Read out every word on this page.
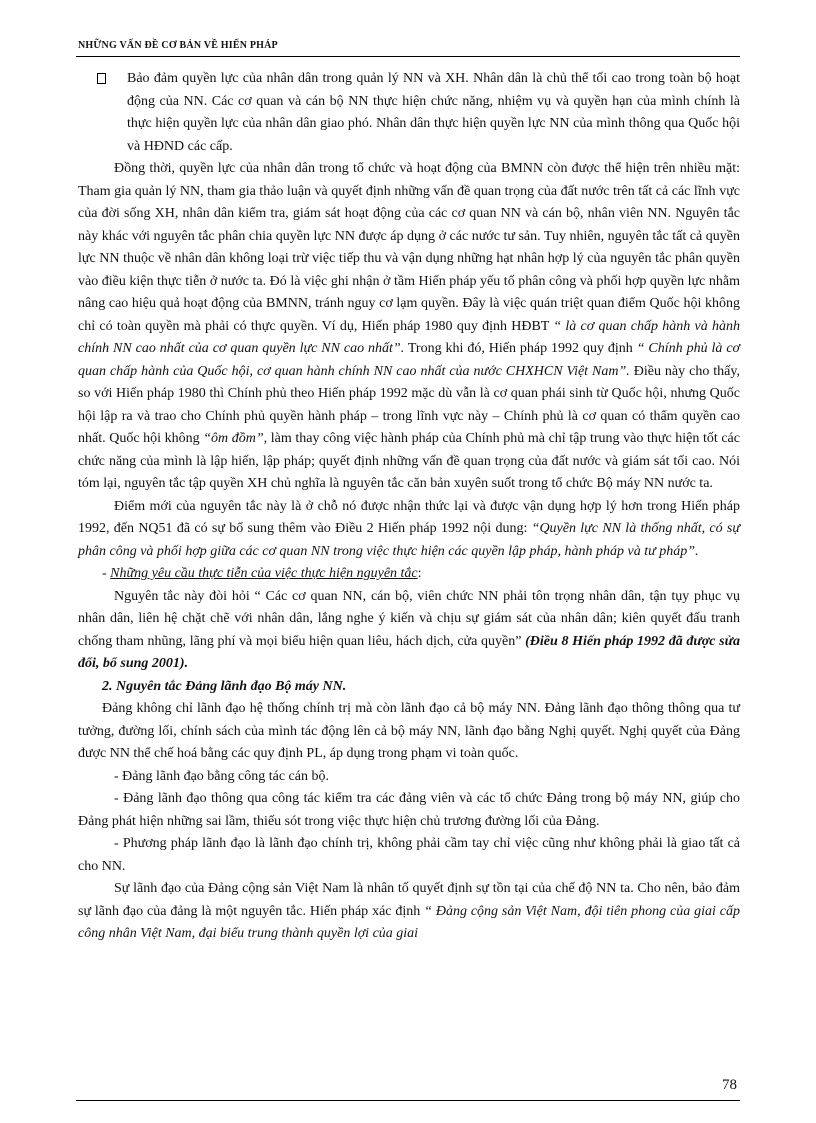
NHỮNG VẤN ĐỀ CƠ BẢN VỀ HIẾN PHÁP

Bảo đảm quyền lực của nhân dân trong quản lý NN và XH. Nhân dân là chủ thể tối cao trong toàn bộ hoạt động của NN. Các cơ quan và cán bộ NN thực hiện chức năng, nhiệm vụ và quyền hạn của mình chính là thực hiện quyền lực của nhân dân giao phó. Nhân dân thực hiện quyền lực NN của mình thông qua Quốc hội và HĐND các cấp.

Đồng thời, quyền lực của nhân dân trong tổ chức và hoạt động của BMNN còn được thể hiện trên nhiều mặt: Tham gia quản lý NN, tham gia thảo luận và quyết định những vấn đề quan trọng của đất nước trên tất cả các lĩnh vực của đời sống XH, nhân dân kiểm tra, giám sát hoạt động của các cơ quan NN và cán bộ, nhân viên NN. Nguyên tắc này khác với nguyên tắc phân chia quyền lực NN được áp dụng ở các nước tư sản. Tuy nhiên, nguyên tắc tất cả quyền lực NN thuộc về nhân dân không loại trừ việc tiếp thu và vận dụng những hạt nhân hợp lý của nguyên tắc phân quyền vào điều kiện thực tiễn ở nước ta. Đó là việc ghi nhận ở tầm Hiến pháp yếu tố phân công và phối hợp quyền lực nhằm nâng cao hiệu quả hoạt động của BMNN, tránh nguy cơ lạm quyền. Đây là việc quán triệt quan điểm Quốc hội không chỉ có toàn quyền mà phải có thực quyền. Ví dụ, Hiến pháp 1980 quy định HĐBT “ là cơ quan chấp hành và hành chính NN cao nhất của cơ quan quyền lực NN cao nhất”. Trong khi đó, Hiến pháp 1992 quy định “ Chính phủ là cơ quan chấp hành của Quốc hội, cơ quan hành chính NN cao nhất của nước CHXHCN Việt Nam”. Điều này cho thấy, so với Hiến pháp 1980 thì Chính phủ theo Hiến pháp 1992 mặc dù vẫn là cơ quan phái sinh từ Quốc hội, nhưng Quốc hội lập ra và trao cho Chính phủ quyền hành pháp – trong lĩnh vực này – Chính phủ là cơ quan có thẩm quyền cao nhất. Quốc hội không “ôm đồm”, làm thay công việc hành pháp của Chính phủ mà chỉ tập trung vào thực hiện tốt các chức năng của mình là lập hiến, lập pháp; quyết định những vấn đề quan trọng của đất nước và giám sát tối cao. Nói tóm lại, nguyên tắc tập quyền XH chủ nghĩa là nguyên tắc căn bản xuyên suốt trong tổ chức Bộ máy NN nước ta.

Điểm mới của nguyên tắc này là ở chỗ nó được nhận thức lại và được vận dụng hợp lý hơn trong Hiến pháp 1992, đến NQ51 đã có sự bổ sung thêm vào Điều 2 Hiến pháp 1992 nội dung: “Quyền lực NN là thống nhất, có sự phân công và phối hợp giữa các cơ quan NN trong việc thực hiện các quyền lập pháp, hành pháp và tư pháp”.

- Những yêu cầu thực tiễn của việc thực hiện nguyên tắc:

Nguyên tắc này đòi hỏi “ Các cơ quan NN, cán bộ, viên chức NN phải tôn trọng nhân dân, tận tụy phục vụ nhân dân, liên hệ chặt chẽ với nhân dân, lắng nghe ý kiến và chịu sự giám sát của nhân dân; kiên quyết đấu tranh chống tham nhũng, lãng phí và mọi biểu hiện quan liêu, hách dịch, cửa quyền” (Điều 8 Hiến pháp 1992 đã được sửa đổi, bổ sung 2001).

2. Nguyên tắc Đảng lãnh đạo Bộ máy NN.

Đảng không chỉ lãnh đạo hệ thống chính trị mà còn lãnh đạo cả bộ máy NN. Đảng lãnh đạo thông thông qua tư tưởng, đường lối, chính sách của mình tác động lên cả bộ máy NN, lãnh đạo bằng Nghị quyết. Nghị quyết của Đảng được NN thể chế hoá bằng các quy định PL, áp dụng trong phạm vi toàn quốc.

- Đảng lãnh đạo bằng công tác cán bộ.

- Đảng lãnh đạo thông qua công tác kiểm tra các đảng viên và các tổ chức Đảng trong bộ máy NN, giúp cho Đảng phát hiện những sai lầm, thiếu sót trong việc thực hiện chủ trương đường lối của Đảng.

- Phương pháp lãnh đạo là lãnh đạo chính trị, không phải cầm tay chỉ việc cũng như không phải là giao tất cả cho NN.

Sự lãnh đạo của Đảng cộng sản Việt Nam là nhân tố quyết định sự tồn tại của chế độ NN ta. Cho nên, bảo đảm sự lãnh đạo của đảng là một nguyên tắc. Hiến pháp xác định “ Đảng cộng sản Việt Nam, đội tiên phong của giai cấp công nhân Việt Nam, đại biểu trung thành quyền lợi của giai

78
